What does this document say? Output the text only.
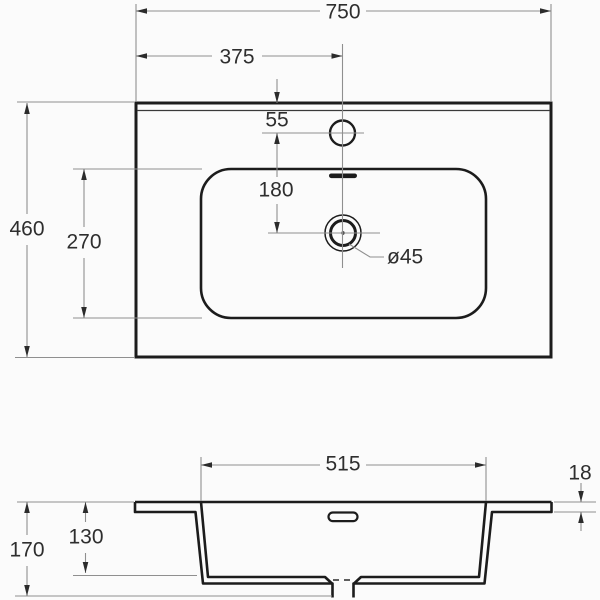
750
375
55
180
460
270
ø45
515	18
170
130
